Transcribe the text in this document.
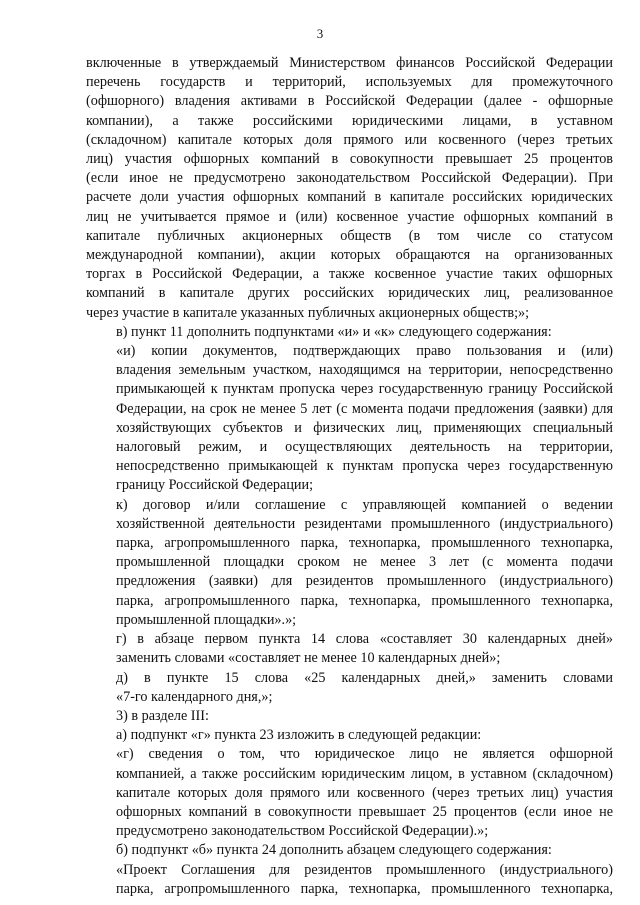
3

включенные в утверждаемый Министерством финансов Российской Федерации
перечень государств и территорий, используемых для промежуточного
(офшорного) владения активами в Российской Федерации (далее - офшорные
компании), а также российскими юридическими лицами, в уставном
(складочном) капитале которых доля прямого или косвенного (через третьих
лиц) участия офшорных компаний в совокупности превышает 25 процентов
(если иное не предусмотрено законодательством Российской Федерации). При
расчете доли участия офшорных компаний в капитале российских юридических
лиц не учитывается прямое и (или) косвенное участие офшорных компаний в
капитале публичных акционерных обществ (в том числе со статусом
международной компании), акции которых обращаются на организованных
торгах в Российской Федерации, а также косвенное участие таких офшорных
компаний в капитале других российских юридических лиц, реализованное
через участие в капитале указанных публичных акционерных обществ;»;

в) пункт 11 дополнить подпунктами «и» и «к» следующего содержания:

«и) копии документов, подтверждающих право пользования и (или)
владения земельным участком, находящимся на территории, непосредственно
примыкающей к пунктам пропуска через государственную границу Российской
Федерации, на срок не менее 5 лет (с момента подачи предложения (заявки) для
хозяйствующих субъектов и физических лиц, применяющих специальный
налоговый режим, и осуществляющих деятельность на территории,
непосредственно примыкающей к пунктам пропуска через государственную
границу Российской Федерации;

к) договор и/или соглашение с управляющей компанией о ведении
хозяйственной деятельности резидентами промышленного (индустриального)
парка, агропромышленного парка, технопарка, промышленного технопарка,
промышленной площадки сроком не менее 3 лет (с момента подачи
предложения (заявки) для резидентов промышленного (индустриального)
парка, агропромышленного парка, технопарка, промышленного технопарка,
промышленной площадки».»;

г) в абзаце первом пункта 14 слова «составляет 30 календарных дней»
заменить словами «составляет не менее 10 календарных дней»;

д) в пункте 15 слова «25 календарных дней,» заменить словами
«7-го календарного дня,»;

3) в разделе III:

а) подпункт «г» пункта 23 изложить в следующей редакции:

«г) сведения о том, что юридическое лицо не является офшорной
компанией, а также российским юридическим лицом, в уставном (складочном)
капитале которых доля прямого или косвенного (через третьих лиц) участия
офшорных компаний в совокупности превышает 25 процентов (если иное не
предусмотрено законодательством Российской Федерации).»;

б) подпункт «б» пункта 24 дополнить абзацем следующего содержания:

«Проект Соглашения для резидентов промышленного (индустриального)
парка, агропромышленного парка, технопарка, промышленного технопарка,
